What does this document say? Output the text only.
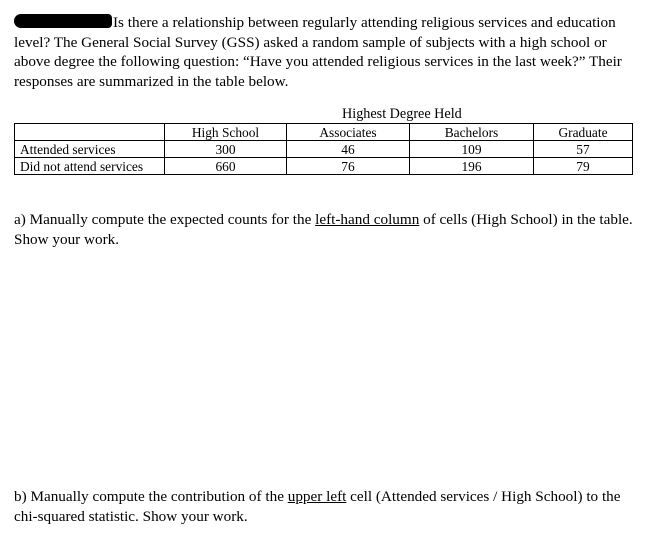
Is there a relationship between regularly attending religious services and education level? The General Social Survey (GSS) asked a random sample of subjects with a high school or above degree the following question: “Have you attended religious services in the last week?” Their responses are summarized in the table below.
Highest Degree Held
	High School	Associates	Bachelors	Graduate
Attended services	300	46	109	57
Did not attend services	660	76	196	79
a) Manually compute the expected counts for the left-hand column of cells (High School) in the table. Show your work.
b) Manually compute the contribution of the upper left cell (Attended services / High School) to the chi-squared statistic. Show your work.
